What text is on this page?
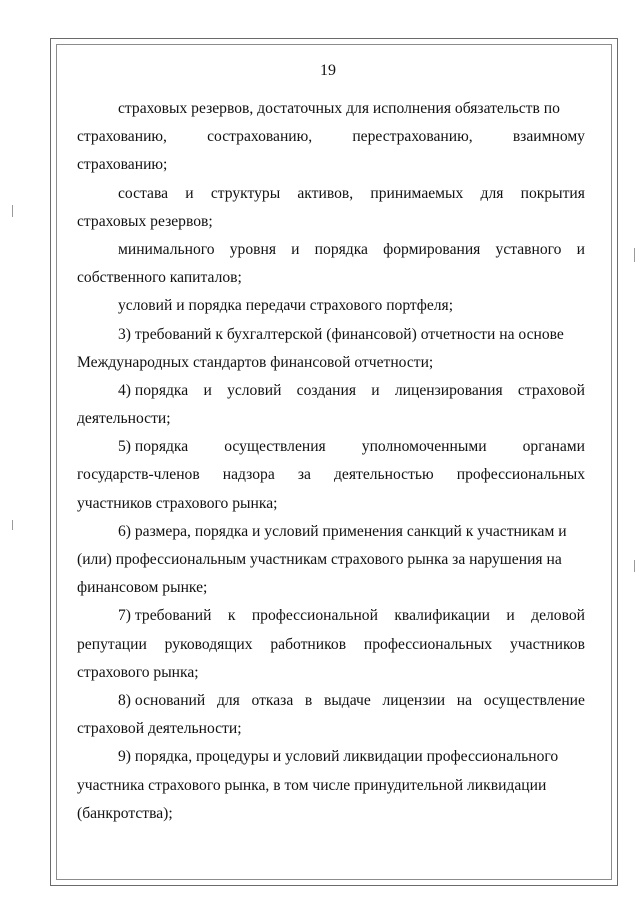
19
страховых резервов, достаточных для исполнения обязательств по
страхованию,	сострахованию,	перестрахованию,	взаимному
страхованию;
состава и структуры активов, принимаемых для покрытия
страховых резервов;
минимального уровня и порядка формирования уставного и
собственного капиталов;
условий и порядка передачи страхового портфеля;
3) требований к бухгалтерской (финансовой) отчетности на основе
Международных стандартов финансовой отчетности;
4) порядка и условий создания и лицензирования страховой
деятельности;
5) порядка осуществления уполномоченными органами
государств-членов надзора за деятельностью профессиональных
участников страхового рынка;
6) размера, порядка и условий применения санкций к участникам и
(или) профессиональным участникам страхового рынка за нарушения на
финансовом рынке;
7) требований к профессиональной квалификации и деловой
репутации руководящих работников профессиональных участников
страхового рынка;
8) оснований для отказа в выдаче лицензии на осуществление
страховой деятельности;
9) порядка, процедуры и условий ликвидации профессионального
участника страхового рынка, в том числе принудительной ликвидации
(банкротства);
